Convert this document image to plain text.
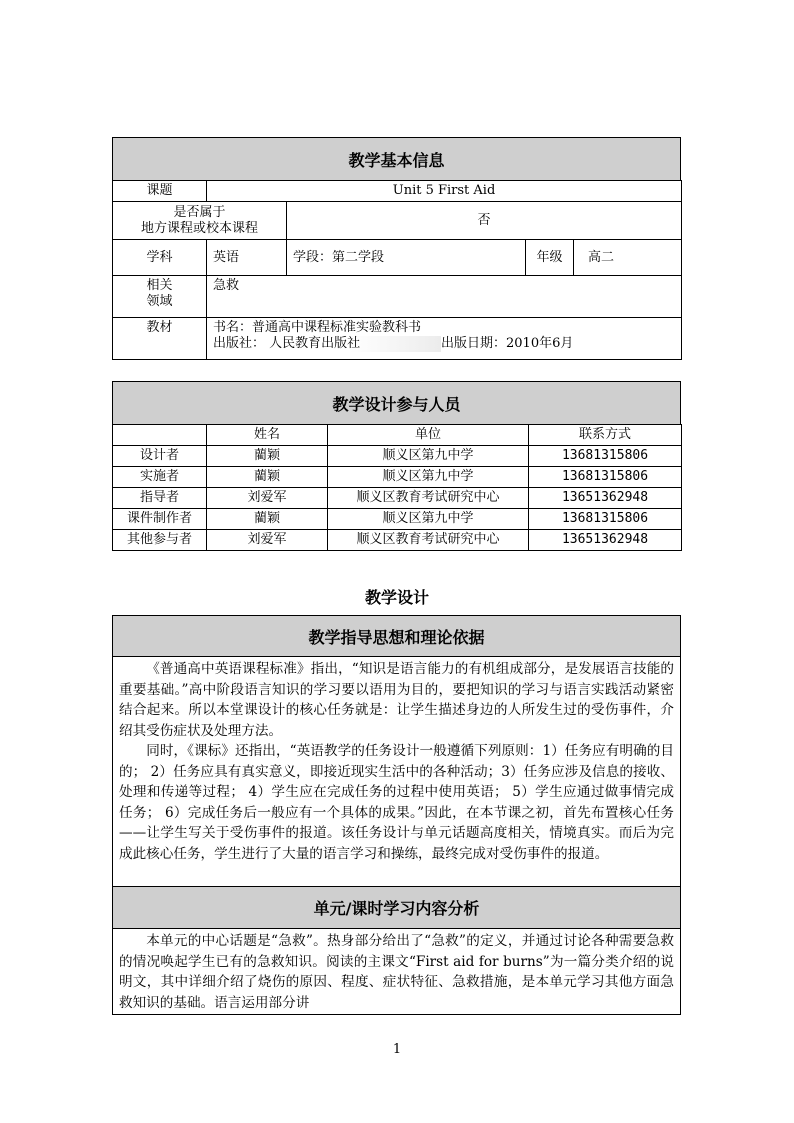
教学基本信息
课题	Unit 5 First Aid			

是否属于
地方课程或校本课程		否		
学科	英语	学段：第二学段	年级	高二

相关
领域	急救			
教材	书名：普通高中课程标准实验教科书
出版社： 人民教育出版社 出版日期：2010年6月			
教学设计参与人员
	姓名	单位	联系方式
设计者	藺颖	顺义区第九中学	13681315806
实施者	藺颖	顺义区第九中学	13681315806
指导者	刘爱军	顺义区教育考试研究中心	13651362948
课件制作者	藺颖	顺义区第九中学	13681315806
其他参与者	刘爱军	顺义区教育考试研究中心	13651362948
教学设计
教学指导思想和理论依据

《普通高中英语课程标准》指出，“知识是语言能力的有机组成部分，是发展语言技能的重要基础。”高中阶段语言知识的学习要以语用为目的，要把知识的学习与语言实践活动紧密结合起来。所以本堂课设计的核心任务就是：让学生描述身边的人所发生过的受伤事件，介绍其受伤症状及处理方法。

同时，《课标》还指出，“英语教学的任务设计一般遵循下列原则：1）任务应有明确的目的； 2）任务应具有真实意义，即接近现实生活中的各种活动；3）任务应涉及信息的接收、处理和传递等过程； 4）学生应在完成任务的过程中使用英语； 5）学生应通过做事情完成任务； 6）完成任务后一般应有一个具体的成果。”因此，在本节课之初，首先布置核心任务——让学生写关于受伤事件的报道。该任务设计与单元话题高度相关，情境真实。而后为完成此核心任务，学生进行了大量的语言学习和操练，最终完成对受伤事件的报道。

单元/课时学习内容分析

本单元的中心话题是“急救”。热身部分给出了“急救”的定义，并通过讨论各种需要急救的情况唤起学生已有的急救知识。阅读的主课文“First aid for burns”为一篇分类介绍的说明文，其中详细介绍了烧伤的原因、程度、症状特征、急救措施，是本单元学习其他方面急救知识的基础。语言运用部分讲

1
